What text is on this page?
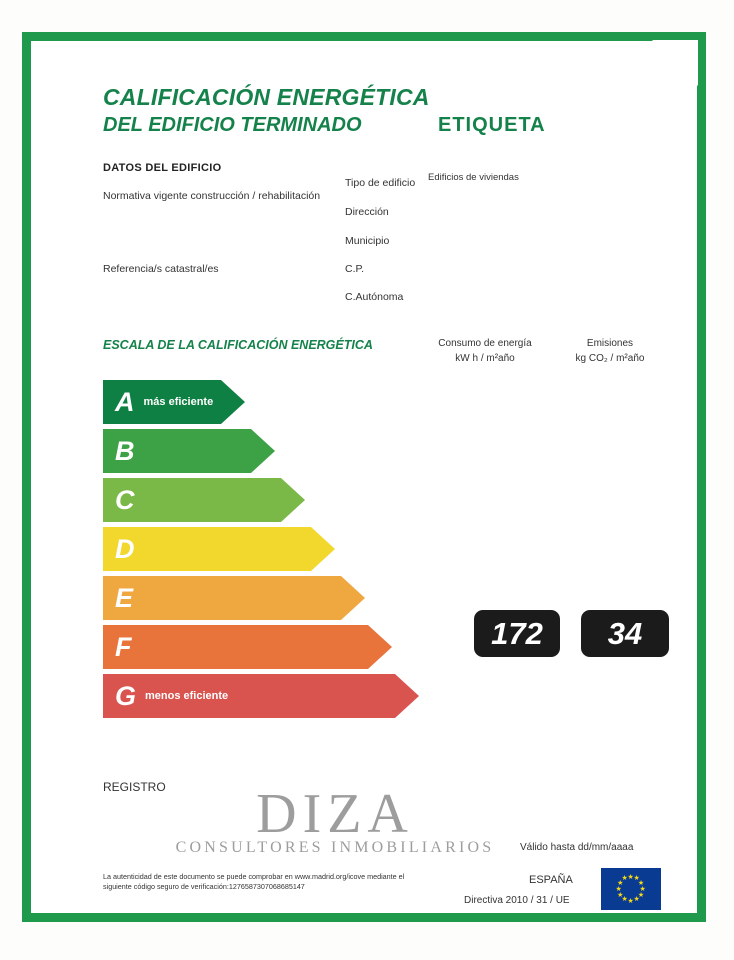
CALIFICACIÓN ENERGÉTICA
DEL EDIFICIO TERMINADO	ETIQUETA
DATOS DEL EDIFICIO
Normativa vigente construcción / rehabilitación
Referencia/s catastral/es
Tipo de edificio Edificios de viviendas
Dirección
Municipio
C.P.
C.Autónoma
ESCALA DE LA CALIFICACIÓN ENERGÉTICA	Consumo de energía
kW h / m²año
Emisiones
kg CO₂ / m²año
A más eficiente
B
C
D
E
F
G menos eficiente
172	34
REGISTRO	DIZA
CONSULTORES INMOBILIARIOS	Válido hasta dd/mm/aaaa
La autenticidad de este documento se puede comprobar en www.madrid.org/icove mediante el siguiente código seguro de verificación:1276587307068685147
ESPAÑA
Directiva 2010 / 31 / UE
★ ★
★
★
★
★
★
★
★
★
★
★
